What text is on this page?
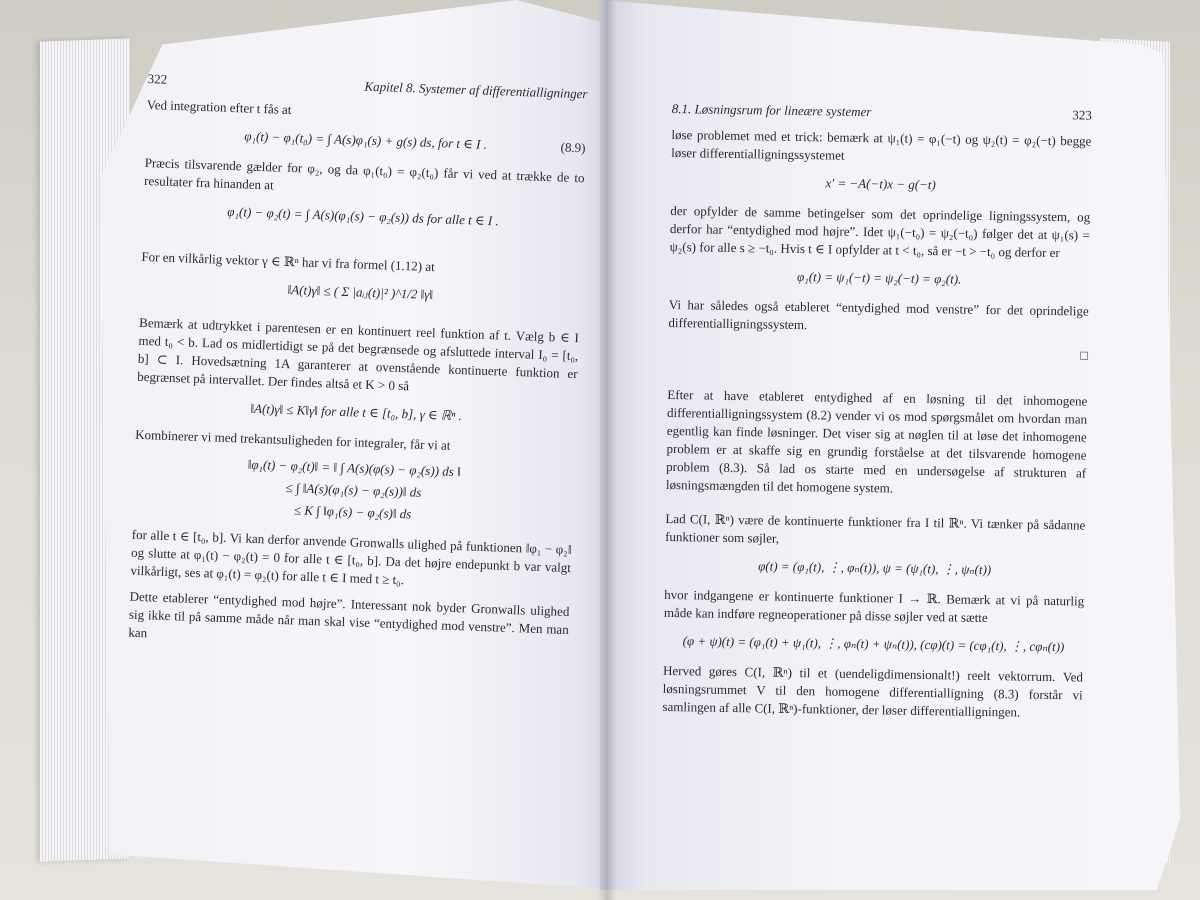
322	Kapitel 8. Systemer af differentialligninger

Ved integration efter t fås at

φ₁(t) − φ₁(t₀) = ∫ A(s)φ₁(s) + g(s) ds, for t ∈ I .	(8.9)

Præcis tilsvarende gælder for φ₂, og da φ₁(t₀) = φ₂(t₀) får vi ved at trække de to resultater fra hinanden at

φ₁(t) − φ₂(t) = ∫ A(s)(φ₁(s) − φ₂(s)) ds for alle t ∈ I .

For en vilkårlig vektor γ ∈ ℝⁿ har vi fra formel (1.12) at

‖A(t)γ‖ ≤ ( Σ |aᵢⱼ(t)|² )^1/2 ‖γ‖

Bemærk at udtrykket i parentesen er en kontinuert reel funktion af t. Vælg b ∈ I med t₀ < b. Lad os midlertidigt se på det begrænsede og afsluttede interval I₀ = [t₀, b] ⊂ I. Hovedsætning 1A garanterer at ovenstående kontinuerte funktion er begrænset på intervallet. Der findes altså et K > 0 så

‖A(t)γ‖ ≤ K‖γ‖ for alle t ∈ [t₀, b], γ ∈ ℝⁿ .

Kombinerer vi med trekantsuligheden for integraler, får vi at

‖φ₁(t) − φ₂(t)‖ = ‖ ∫ A(s)(φ(s) − φ₂(s)) ds ‖
≤ ∫ ‖A(s)(φ₁(s) − φ₂(s))‖ ds
≤ K ∫ ‖φ₁(s) − φ₂(s)‖ ds

for alle t ∈ [t₀, b]. Vi kan derfor anvende Gronwalls ulighed på funktionen ‖φ₁ − φ₂‖ og slutte at φ₁(t) − φ₂(t) = 0 for alle t ∈ [t₀, b]. Da det højre endepunkt b var valgt vilkårligt, ses at φ₁(t) = φ₂(t) for alle t ∈ I med t ≥ t₀.

Dette etablerer “entydighed mod højre”. Interessant nok byder Gronwalls ulighed sig ikke til på samme måde når man skal vise “entydighed mod venstre”. Men man kan

8.1. Løsningsrum for lineære systemer	323

løse problemet med et trick: bemærk at ψ₁(t) = φ₁(−t) og ψ₂(t) = φ₂(−t) begge løser differentialligningssystemet

x′ = −A(−t)x − g(−t)

der opfylder de samme betingelser som det oprindelige ligningssystem, og derfor har “entydighed mod højre”. Idet ψ₁(−t₀) = ψ₂(−t₀) følger det at ψ₁(s) = ψ₂(s) for alle s ≥ −t₀. Hvis t ∈ I opfylder at t < t₀, så er −t > −t₀ og derfor er

φ₁(t) = ψ₁(−t) = ψ₂(−t) = φ₂(t).

Vi har således også etableret “entydighed mod venstre” for det oprindelige differentialligningssystem.

□

Efter at have etableret entydighed af en løsning til det inhomogene differentialligningssystem (8.2) vender vi os mod spørgsmålet om hvordan man egentlig kan finde løsninger. Det viser sig at nøglen til at løse det inhomogene problem er at skaffe sig en grundig forståelse at det tilsvarende homogene problem (8.3). Så lad os starte med en undersøgelse af strukturen af løsningsmængden til det homogene system.

Lad C(I, ℝⁿ) være de kontinuerte funktioner fra I til ℝⁿ. Vi tænker på sådanne funktioner som søjler,

φ(t) = (φ₁(t), ⋮, φₙ(t)), ψ = (ψ₁(t), ⋮, ψₙ(t))

hvor indgangene er kontinuerte funktioner I → ℝ. Bemærk at vi på naturlig måde kan indføre regneoperationer på disse søjler ved at sætte

(φ + ψ)(t) = (φ₁(t) + ψ₁(t), ⋮, φₙ(t) + ψₙ(t)), (cφ)(t) = (cφ₁(t), ⋮, cφₙ(t))

Herved gøres C(I, ℝⁿ) til et (uendeligdimensionalt!) reelt vektorrum. Ved løsningsrummet V til den homogene differentialligning (8.3) forstår vi samlingen af alle C(I, ℝⁿ)-funktioner, der løser differentialligningen.
